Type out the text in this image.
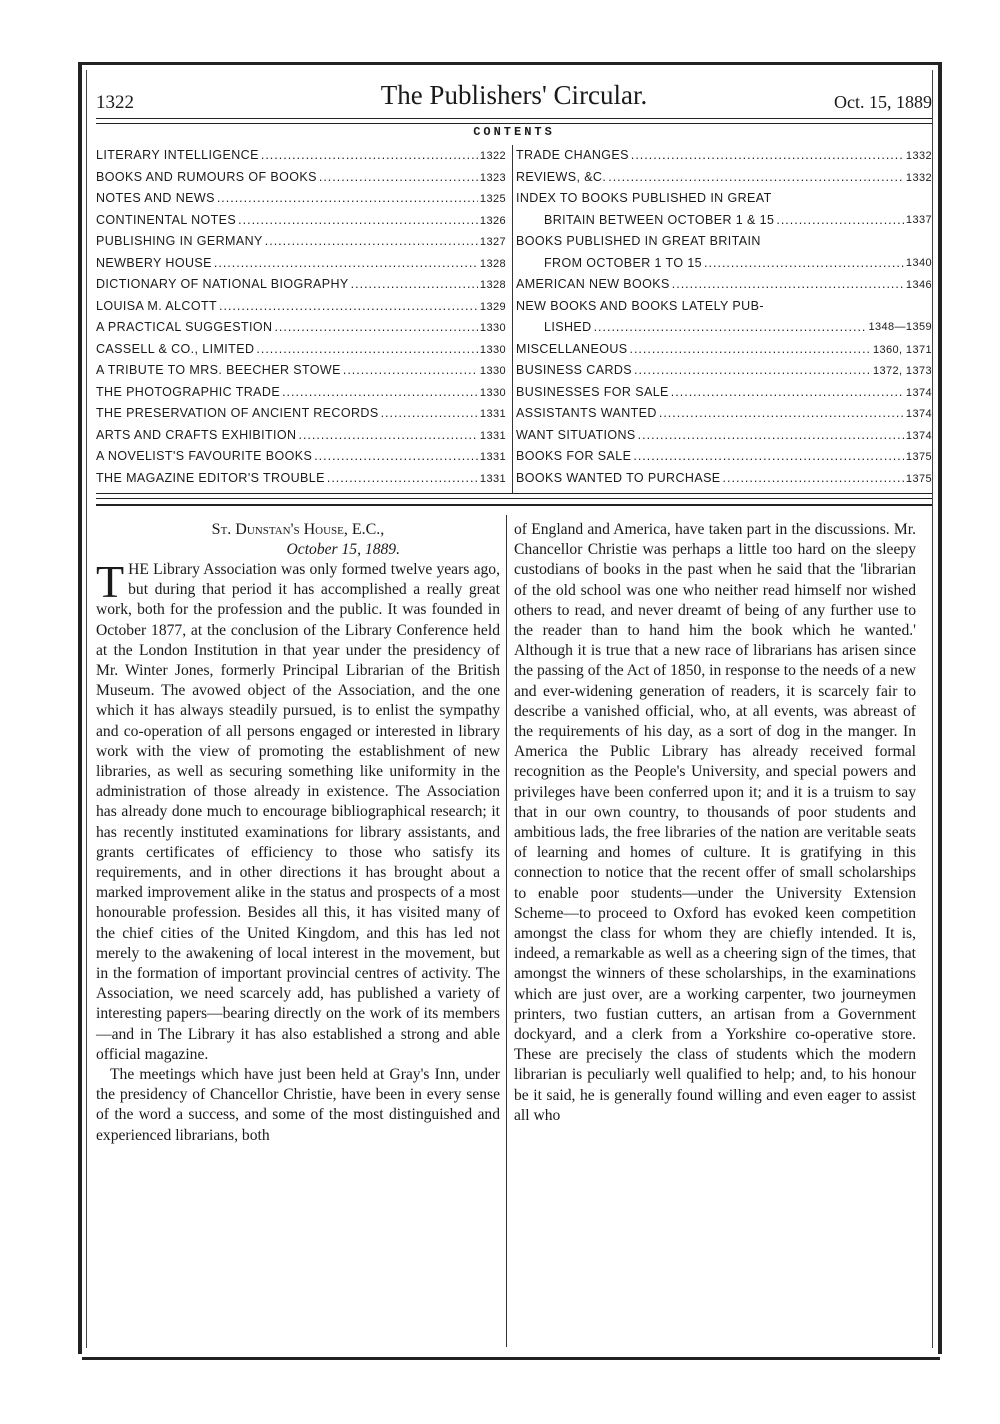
1322	The Publishers' Circular.	Oct. 15, 1889
CONTENTS
LITERARY INTELLIGENCE .....	1322
BOOKS AND RUMOURS OF BOOKS .....	1323
NOTES AND NEWS .....	1325
CONTINENTAL NOTES .....	1326
PUBLISHING IN GERMANY .....	1327
NEWBERY HOUSE .....	1328
DICTIONARY OF NATIONAL BIOGRAPHY .....	1328
LOUISA M. ALCOTT .....	1329
A PRACTICAL SUGGESTION .....	1330
CASSELL & CO., LIMITED .....	1330
A TRIBUTE TO MRS. BEECHER STOWE .....	1330
THE PHOTOGRAPHIC TRADE .....	1330
THE PRESERVATION OF ANCIENT RECORDS .....	1331
ARTS AND CRAFTS EXHIBITION .....	1331
A NOVELIST'S FAVOURITE BOOKS .....	1331
THE MAGAZINE EDITOR'S TROUBLE .....	1331
TRADE CHANGES .....	1332
REVIEWS, &C. .....	1332
INDEX TO BOOKS PUBLISHED IN GREAT
BRITAIN BETWEEN OCTOBER 1 & 15 .....	1337
BOOKS PUBLISHED IN GREAT BRITAIN
FROM OCTOBER 1 TO 15 .....	1340
AMERICAN NEW BOOKS .....	1346
NEW BOOKS AND BOOKS LATELY PUB-
LISHED .....	1348—1359
MISCELLANEOUS .....	1360, 1371
BUSINESS CARDS .....	1372, 1373
BUSINESSES FOR SALE .....	1374
ASSISTANTS WANTED .....	1374
WANT SITUATIONS .....	1374
BOOKS FOR SALE .....	1375
BOOKS WANTED TO PURCHASE .....	1375
St. Dunstan's House, E.C.,
October 15, 1889.

THE Library Association was only formed twelve years ago, but during that period it has accomplished a really great work, both for the profession and the public. It was founded in October 1877, at the conclusion of the Library Conference held at the London Institution in that year under the presidency of Mr. Winter Jones, formerly Principal Librarian of the British Museum. The avowed object of the Association, and the one which it has always steadily pursued, is to enlist the sympathy and co-operation of all persons engaged or interested in library work with the view of promoting the establishment of new libraries, as well as securing something like uniformity in the administration of those already in existence. The Association has already done much to encourage bibliographical research; it has recently instituted examinations for library assistants, and grants certificates of efficiency to those who satisfy its requirements, and in other directions it has brought about a marked improvement alike in the status and prospects of a most honourable profession. Besides all this, it has visited many of the chief cities of the United Kingdom, and this has led not merely to the awakening of local interest in the movement, but in the formation of important provincial centres of activity. The Association, we need scarcely add, has published a variety of interesting papers—bearing directly on the work of its members—and in The Library it has also established a strong and able official magazine.

The meetings which have just been held at Gray's Inn, under the presidency of Chancellor Christie, have been in every sense of the word a success, and some of the most distinguished and experienced librarians, both

of England and America, have taken part in the discussions. Mr. Chancellor Christie was perhaps a little too hard on the sleepy custodians of books in the past when he said that the 'librarian of the old school was one who neither read himself nor wished others to read, and never dreamt of being of any further use to the reader than to hand him the book which he wanted.' Although it is true that a new race of librarians has arisen since the passing of the Act of 1850, in response to the needs of a new and ever-widening generation of readers, it is scarcely fair to describe a vanished official, who, at all events, was abreast of the requirements of his day, as a sort of dog in the manger. In America the Public Library has already received formal recognition as the People's University, and special powers and privileges have been conferred upon it; and it is a truism to say that in our own country, to thousands of poor students and ambitious lads, the free libraries of the nation are veritable seats of learning and homes of culture. It is gratifying in this connection to notice that the recent offer of small scholarships to enable poor students—under the University Extension Scheme—to proceed to Oxford has evoked keen competition amongst the class for whom they are chiefly intended. It is, indeed, a remarkable as well as a cheering sign of the times, that amongst the winners of these scholarships, in the examinations which are just over, are a working carpenter, two journeymen printers, two fustian cutters, an artisan from a Government dockyard, and a clerk from a Yorkshire co-operative store. These are precisely the class of students which the modern librarian is peculiarly well qualified to help; and, to his honour be it said, he is generally found willing and even eager to assist all who
